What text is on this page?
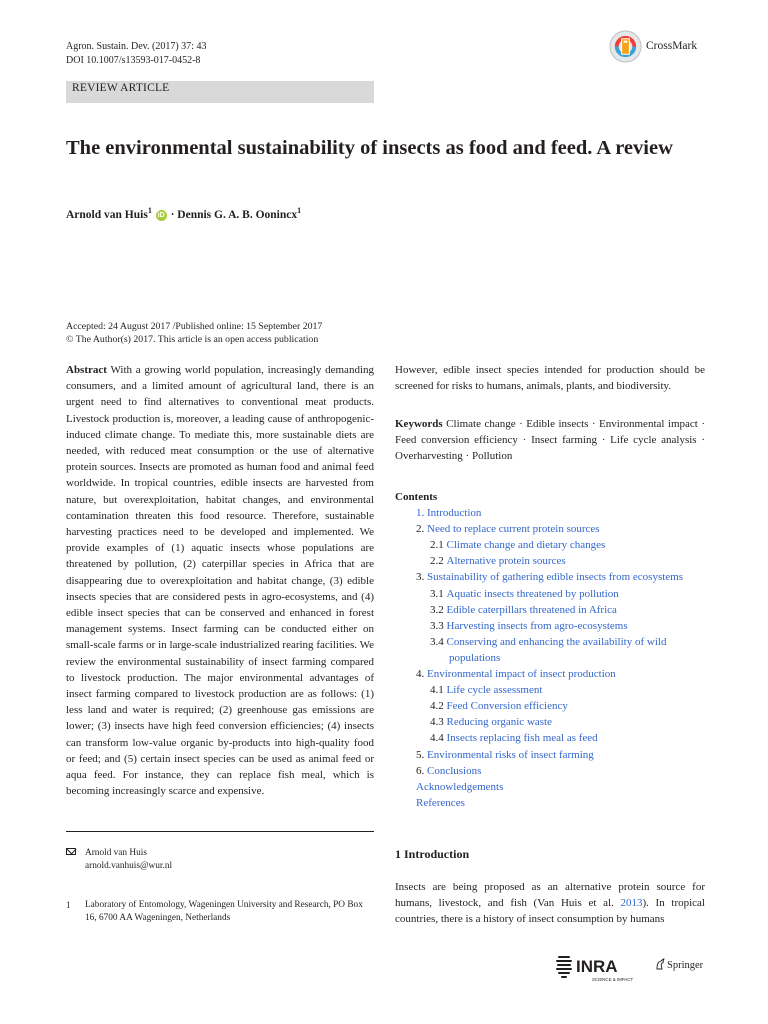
Agron. Sustain. Dev. (2017) 37: 43
DOI 10.1007/s13593-017-0452-8
CrossMark
REVIEW ARTICLE
The environmental sustainability of insects as food and feed. A review
Arnold van Huis$^1$ iD · Dennis G. A. B. Oonincx$^1$
Accepted: 24 August 2017 /Published online: 15 September 2017
© The Author(s) 2017. This article is an open access publication
Abstract With a growing world population, increasingly demanding consumers, and a limited amount of agricultural land, there is an urgent need to find alternatives to conventional meat products. Livestock production is, moreover, a leading cause of anthropogenic-induced climate change. To mediate this, more sustainable diets are needed, with reduced meat consumption or the use of alternative protein sources. Insects are promoted as human food and animal feed worldwide. In tropical countries, edible insects are harvested from nature, but overexploitation, habitat changes, and environmental contamination threaten this food resource. Therefore, sustainable harvesting practices need to be developed and implemented. We provide examples of (1) aquatic insects whose populations are threatened by pollution, (2) caterpillar species in Africa that are disappearing due to overexploitation and habitat change, (3) edible insects species that are considered pests in agro-ecosystems, and (4) edible insect species that can be conserved and enhanced in forest management systems. Insect farming can be conducted either on small-scale farms or in large-scale industrialized rearing facilities. We review the environmental sustainability of insect farming compared to livestock production. The major environmental advantages of insect farming compared to livestock production are as follows: (1) less land and water is required; (2) greenhouse gas emissions are lower; (3) insects have high feed conversion efficiencies; (4) insects can transform low-value organic by-products into high-quality food or feed; and (5) certain insect species can be used as animal feed or aqua feed. For instance, they can replace fish meal, which is becoming increasingly scarce and expensive.
However, edible insect species intended for production should be screened for risks to humans, animals, plants, and biodiversity.
Keywords Climate change · Edible insects · Environmental impact · Feed conversion efficiency · Insect farming · Life cycle analysis · Overharvesting · Pollution
Contents
1.
Introduction
2.
Need to replace current protein sources
2.1
Climate change and dietary changes
2.2
Alternative protein sources
3.
Sustainability of gathering edible insects from ecosystems
3.1
Aquatic insects threatened by pollution
3.2
Edible caterpillars threatened in Africa
3.3
Harvesting insects from agro-ecosystems
3.4
Conserving and enhancing the availability of wild
populations
4.
Environmental impact of insect production
4.1
Life cycle assessment
4.2
Feed Conversion efficiency
4.3
Reducing organic waste
4.4
Insects replacing fish meal as feed
5.
Environmental risks of insect farming
6.
Conclusions
Acknowledgements
References
Arnold van Huis
arnold.vanhuis@wur.nl
1	Laboratory of Entomology, Wageningen University and Research, PO Box 16, 6700 AA Wageningen, Netherlands
1 Introduction
Insects are being proposed as an alternative protein source for humans, livestock, and fish (Van Huis et al. 2013). In tropical countries, there is a history of insect consumption by humans
INRA
SCIENCE & IMPACT
Springer
